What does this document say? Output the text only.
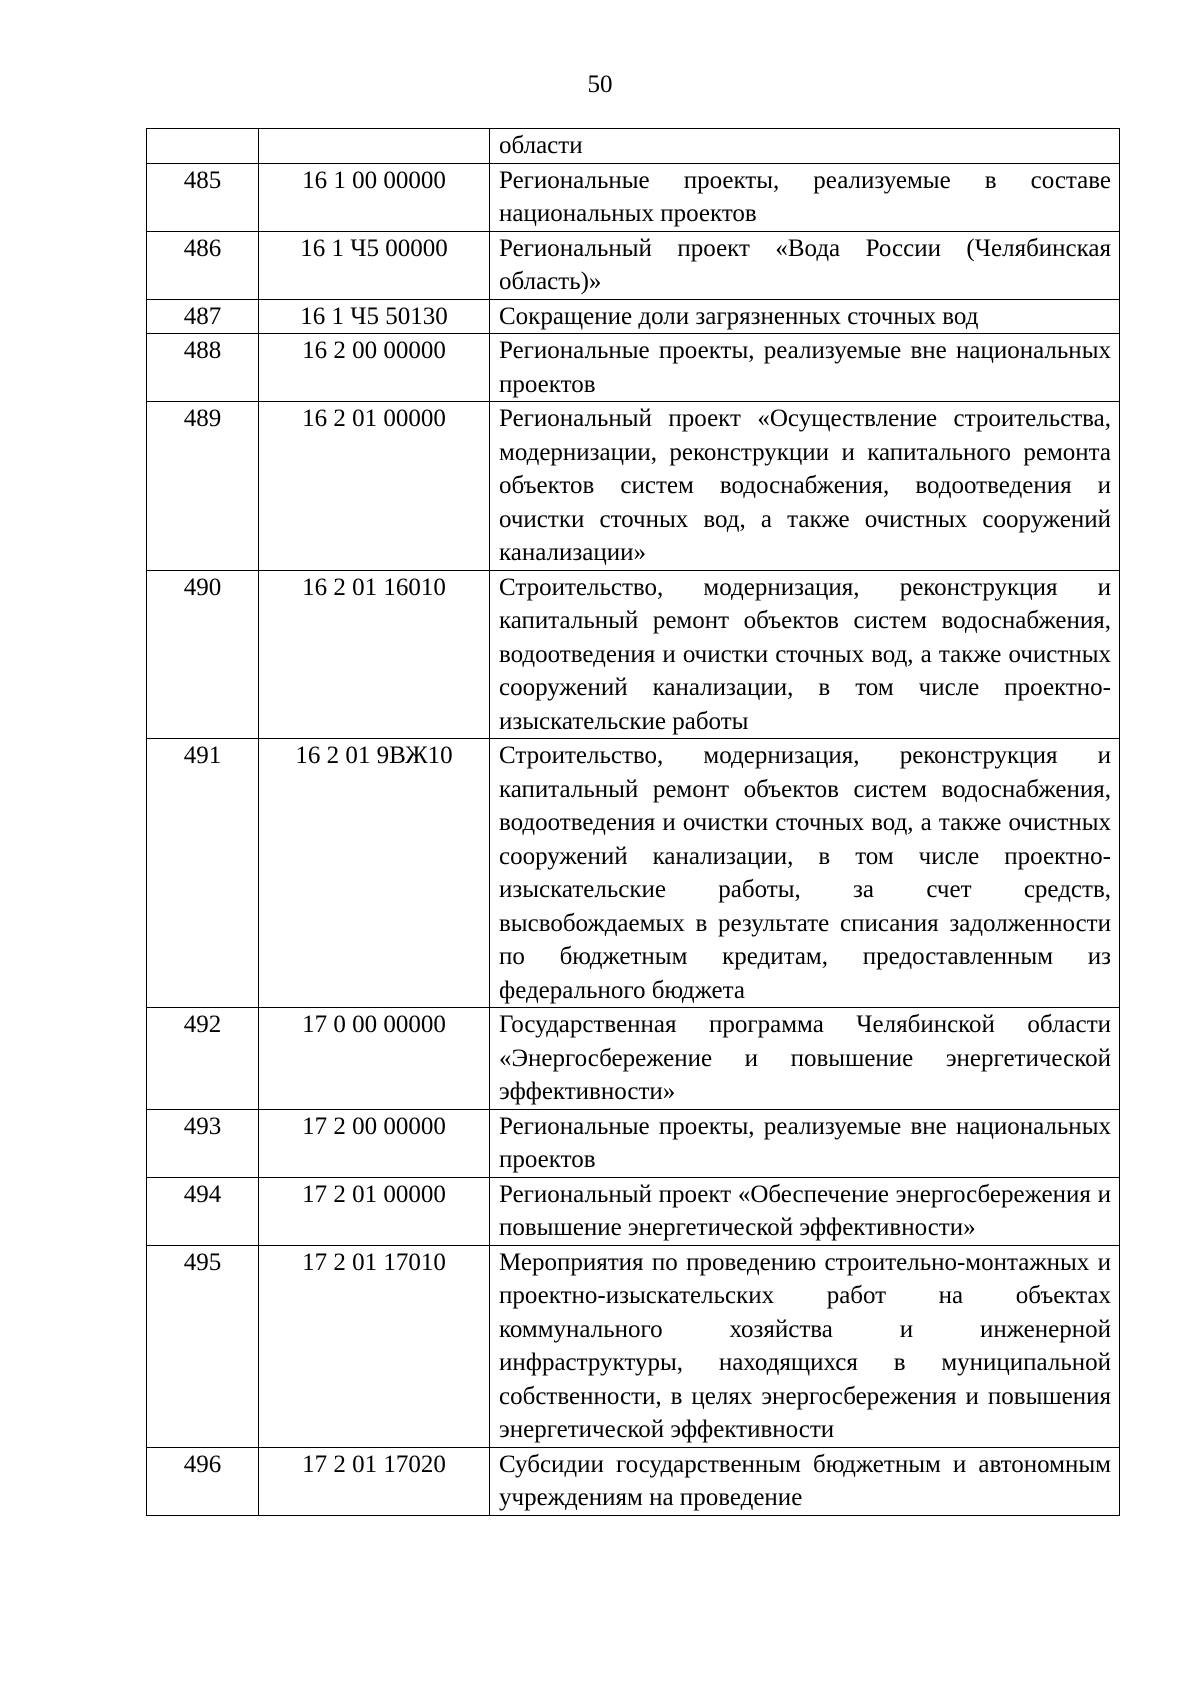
50
		области
485	16 1 00 00000	Региональные проекты, реализуемые в составе национальных проектов
486	16 1 Ч5 00000	Региональный проект «Вода России (Челябинская область)»
487	16 1 Ч5 50130	Сокращение доли загрязненных сточных вод
488	16 2 00 00000	Региональные проекты, реализуемые вне национальных проектов
489	16 2 01 00000	Региональный проект «Осуществление строительства, модернизации, реконструкции и капитального ремонта объектов систем водоснабжения, водоотведения и очистки сточных вод, а также очистных сооружений канализации»
490	16 2 01 16010	Строительство, модернизация, реконструкция и капитальный ремонт объектов систем водоснабжения, водоотведения и очистки сточных вод, а также очистных сооружений канализации, в том числе проектно-изыскательские работы
491	16 2 01 9ВЖ10	Строительство, модернизация, реконструкция и капитальный ремонт объектов систем водоснабжения, водоотведения и очистки сточных вод, а также очистных сооружений канализации, в том числе проектно-изыскательские работы, за счет средств, высвобождаемых в результате списания задолженности по бюджетным кредитам, предоставленным из федерального бюджета
492	17 0 00 00000	Государственная программа Челябинской области «Энергосбережение и повышение энергетической эффективности»
493	17 2 00 00000	Региональные проекты, реализуемые вне национальных проектов
494	17 2 01 00000	Региональный проект «Обеспечение энергосбережения и повышение энергетической эффективности»
495	17 2 01 17010	Мероприятия по проведению строительно-монтажных и проектно-изыскательских работ на объектах коммунального хозяйства и инженерной инфраструктуры, находящихся в муниципальной собственности, в целях энергосбережения и повышения энергетической эффективности
496	17 2 01 17020	Субсидии государственным бюджетным и автономным учреждениям на проведение
